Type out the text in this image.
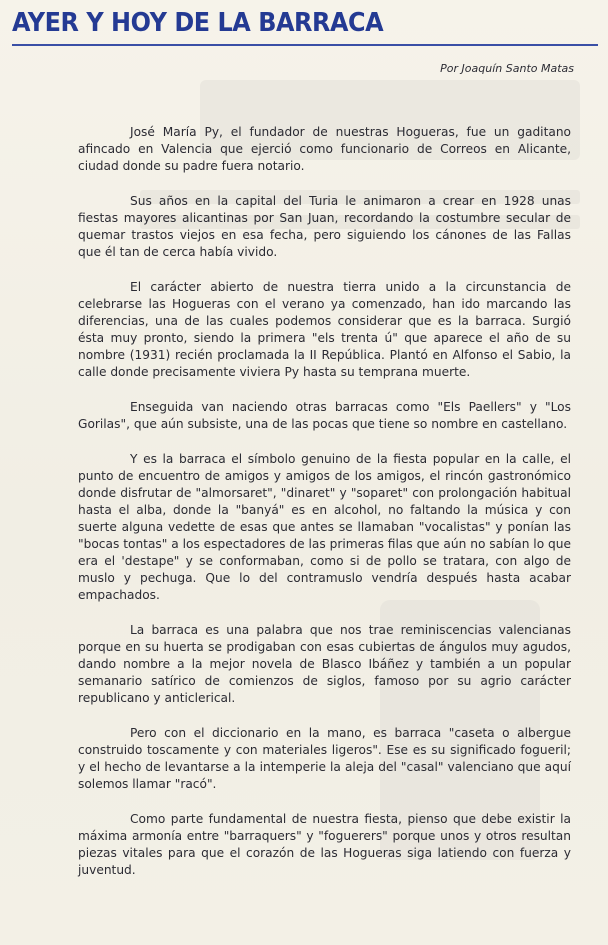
AYER Y HOY DE LA BARRACA
Por Joaquín Santo Matas

José María Py, el fundador de nuestras Hogueras, fue un gaditano afincado en Valencia que ejerció como funcionario de Correos en Alicante, ciudad donde su padre fuera notario.

Sus años en la capital del Turia le animaron a crear en 1928 unas fiestas mayores alicantinas por San Juan, recordando la costumbre secular de quemar trastos viejos en esa fecha, pero siguiendo los cánones de las Fallas que él tan de cerca había vivido.

El carácter abierto de nuestra tierra unido a la circunstancia de celebrarse las Hogueras con el verano ya comenzado, han ido marcando las diferencias, una de las cuales podemos considerar que es la barraca. Surgió ésta muy pronto, siendo la primera "els trenta ú" que aparece el año de su nombre (1931) recién proclamada la II República. Plantó en Alfonso el Sabio, la calle donde precisamente viviera Py hasta su temprana muerte.

Enseguida van naciendo otras barracas como "Els Paellers" y "Los Gorilas", que aún subsiste, una de las pocas que tiene so nombre en castellano.

Y es la barraca el símbolo genuino de la fiesta popular en la calle, el punto de encuentro de amigos y amigos de los amigos, el rincón gastronómico donde disfrutar de "almorsaret", "dinaret" y "soparet" con prolongación habitual hasta el alba, donde la "banyá" es en alcohol, no faltando la música y con suerte alguna vedette de esas que antes se llamaban "vocalistas" y ponían las "bocas tontas" a los espectadores de las primeras filas que aún no sabían lo que era el 'destape" y se conformaban, como si de pollo se tratara, con algo de muslo y pechuga. Que lo del contramuslo vendría después hasta acabar empachados.

La barraca es una palabra que nos trae reminiscencias valencianas porque en su huerta se prodigaban con esas cubiertas de ángulos muy agudos, dando nombre a la mejor novela de Blasco Ibáñez y también a un popular semanario satírico de comienzos de siglos, famoso por su agrio carácter republicano y anticlerical.

Pero con el diccionario en la mano, es barraca "caseta o albergue construido toscamente y con materiales ligeros". Ese es su significado fogueril; y el hecho de levantarse a la intemperie la aleja del "casal" valenciano que aquí solemos llamar "racó".

Como parte fundamental de nuestra fiesta, pienso que debe existir la máxima armonía entre "barraquers" y "foguerers" porque unos y otros resultan piezas vitales para que el corazón de las Hogueras siga latiendo con fuerza y juventud.
